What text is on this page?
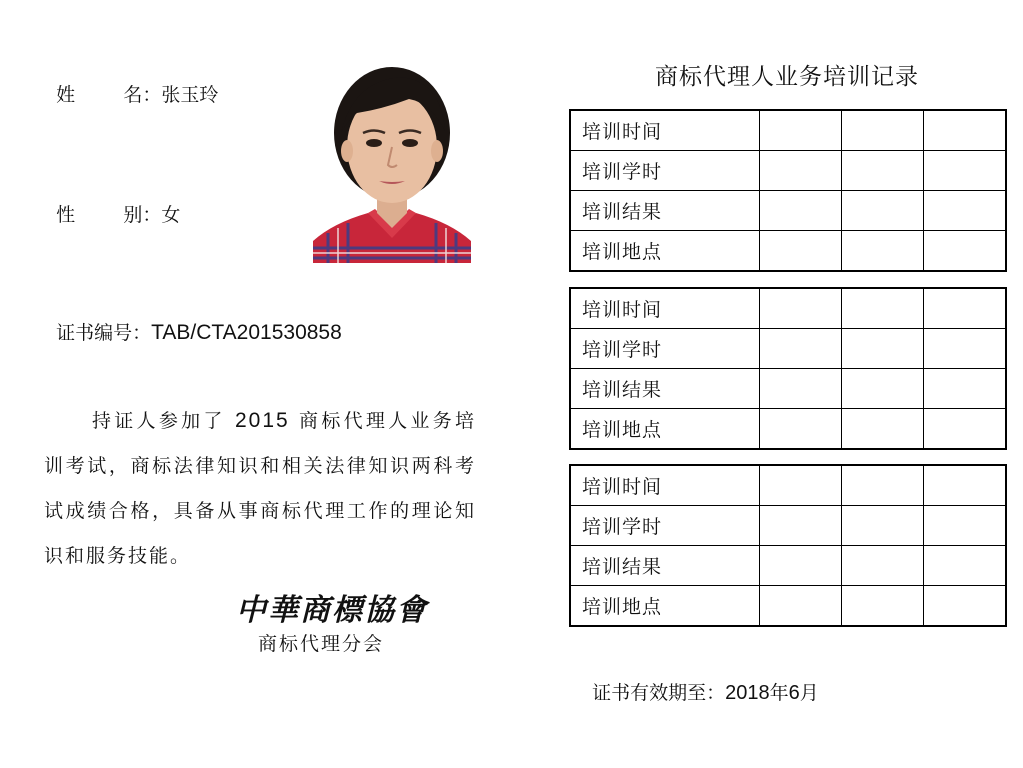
姓        名：张玉玲

性        别：女

证书编号：TAB/CTA201530858

持证人参加了 2015 商标代理人业务培训考试，商标法律知识和相关法律知识两科考试成绩合格，具备从事商标代理工作的理论知识和服务技能。
中華商標協會
商标代理分会
商标代理人业务培训记录
培训时间			
培训学时			
培训结果			
培训地点			
培训时间			
培训学时			
培训结果			
培训地点			
培训时间			
培训学时			
培训结果			
培训地点			

证书有效期至：2018年6月
